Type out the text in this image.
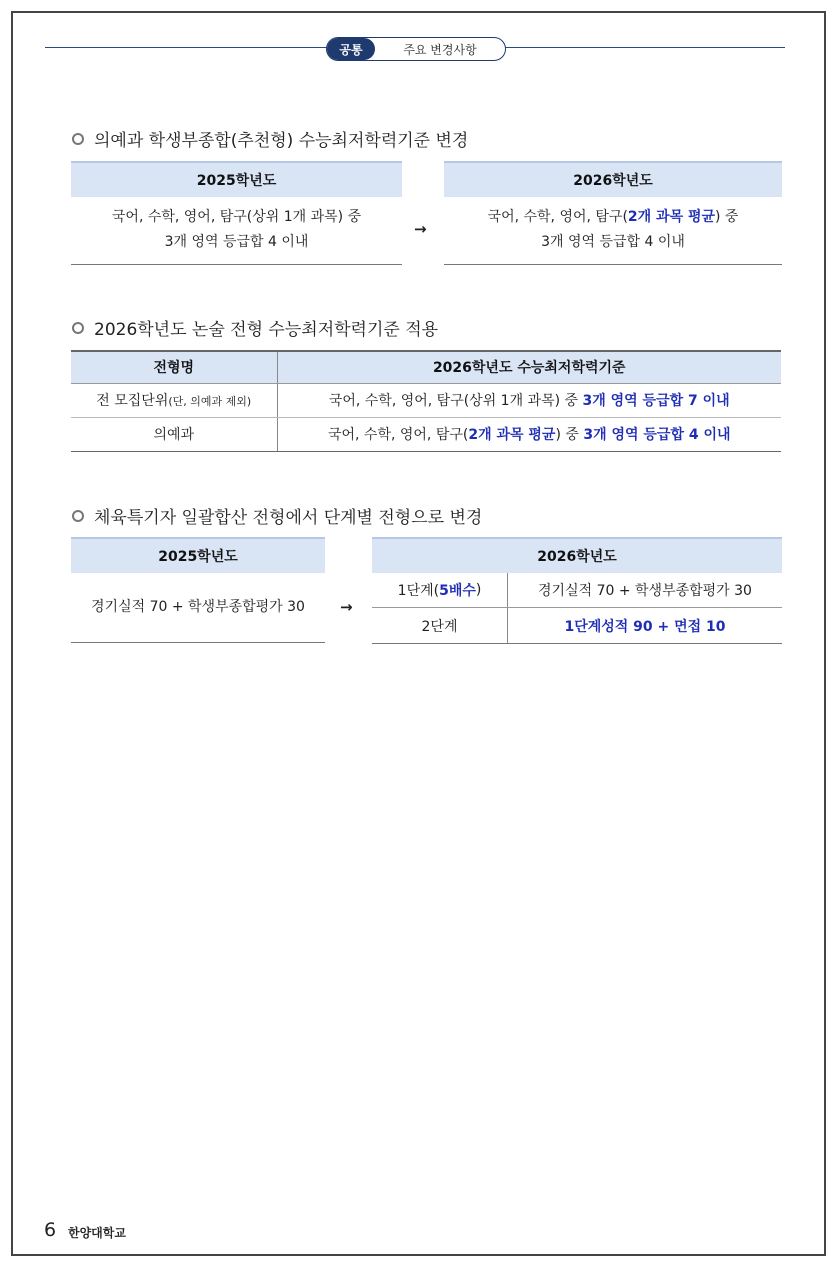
공통	주요 변경사항
의예과 학생부종합(추천형) 수능최저학력기준 변경
2025학년도
국어, 수학, 영어, 탐구(상위 1개 과목) 중
3개 영역 등급합 4 이내
→
2026학년도
국어, 수학, 영어, 탐구(2개 과목 평균) 중
3개 영역 등급합 4 이내
2026학년도 논술 전형 수능최저학력기준 적용
전형명	2026학년도 수능최저학력기준
전 모집단위(단, 의예과 제외)	국어, 수학, 영어, 탐구(상위 1개 과목) 중 3개 영역 등급합 7 이내
의예과	국어, 수학, 영어, 탐구(2개 과목 평균) 중 3개 영역 등급합 4 이내
체육특기자 일괄합산 전형에서 단계별 전형으로 변경
2025학년도
경기실적 70 + 학생부종합평가 30	→
2026학년도
1단계( 5배수 )	경기실적 70 + 학생부종합평가 30
2단계	1단계성적 90 + 면접 10
6 한양대학교
